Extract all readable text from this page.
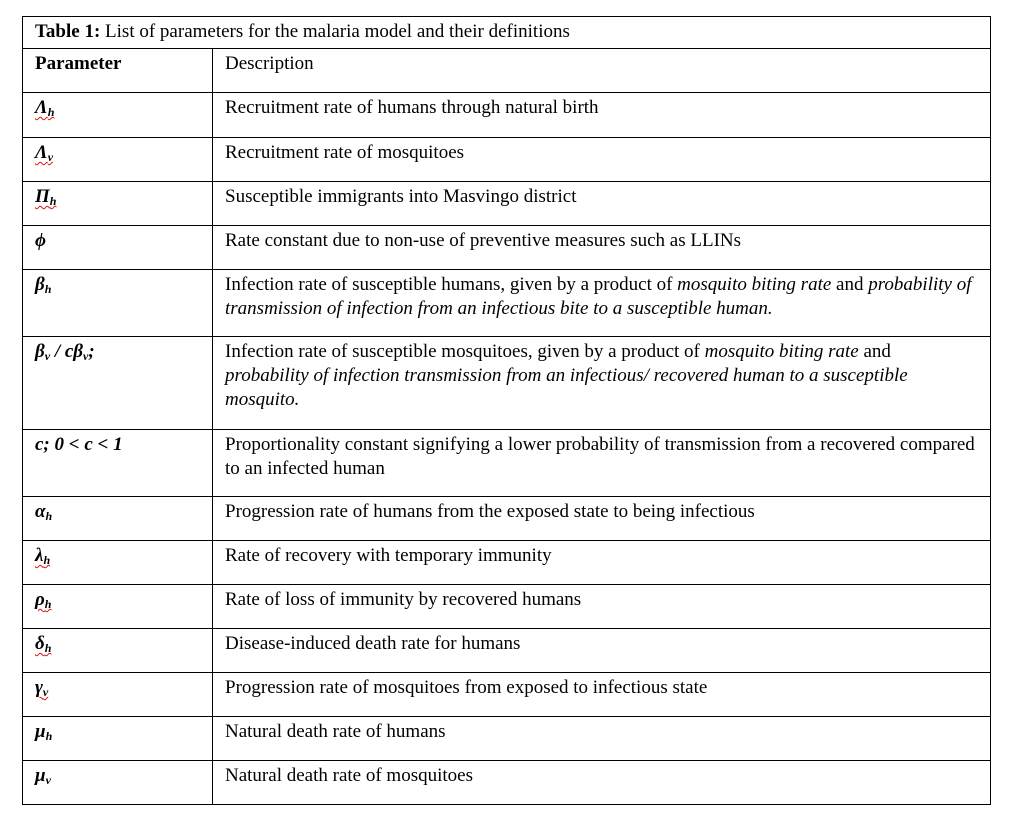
Table 1: List of parameters for the malaria model and their definitions	
Parameter	Description
Λh	Recruitment rate of humans through natural birth
Λv	Recruitment rate of mosquitoes
Πh	Susceptible immigrants into Masvingo district
ϕ	Rate constant due to non-use of preventive measures such as LLINs
βh	Infection rate of susceptible humans, given by a product of mosquito biting rate and probability of transmission of infection from an infectious bite to a susceptible human.
βv / cβv;	Infection rate of susceptible mosquitoes, given by a product of mosquito biting rate and probability of infection transmission from an infectious/ recovered human to a susceptible mosquito.
c; 0 < c < 1	Proportionality constant signifying a lower probability of transmission from a recovered compared to an infected human
αh	Progression rate of humans from the exposed state to being infectious
λh	Rate of recovery with temporary immunity
ρh	Rate of loss of immunity by recovered humans
δh	Disease-induced death rate for humans
γv	Progression rate of mosquitoes from exposed to infectious state
μh	Natural death rate of humans
μv	Natural death rate of mosquitoes
